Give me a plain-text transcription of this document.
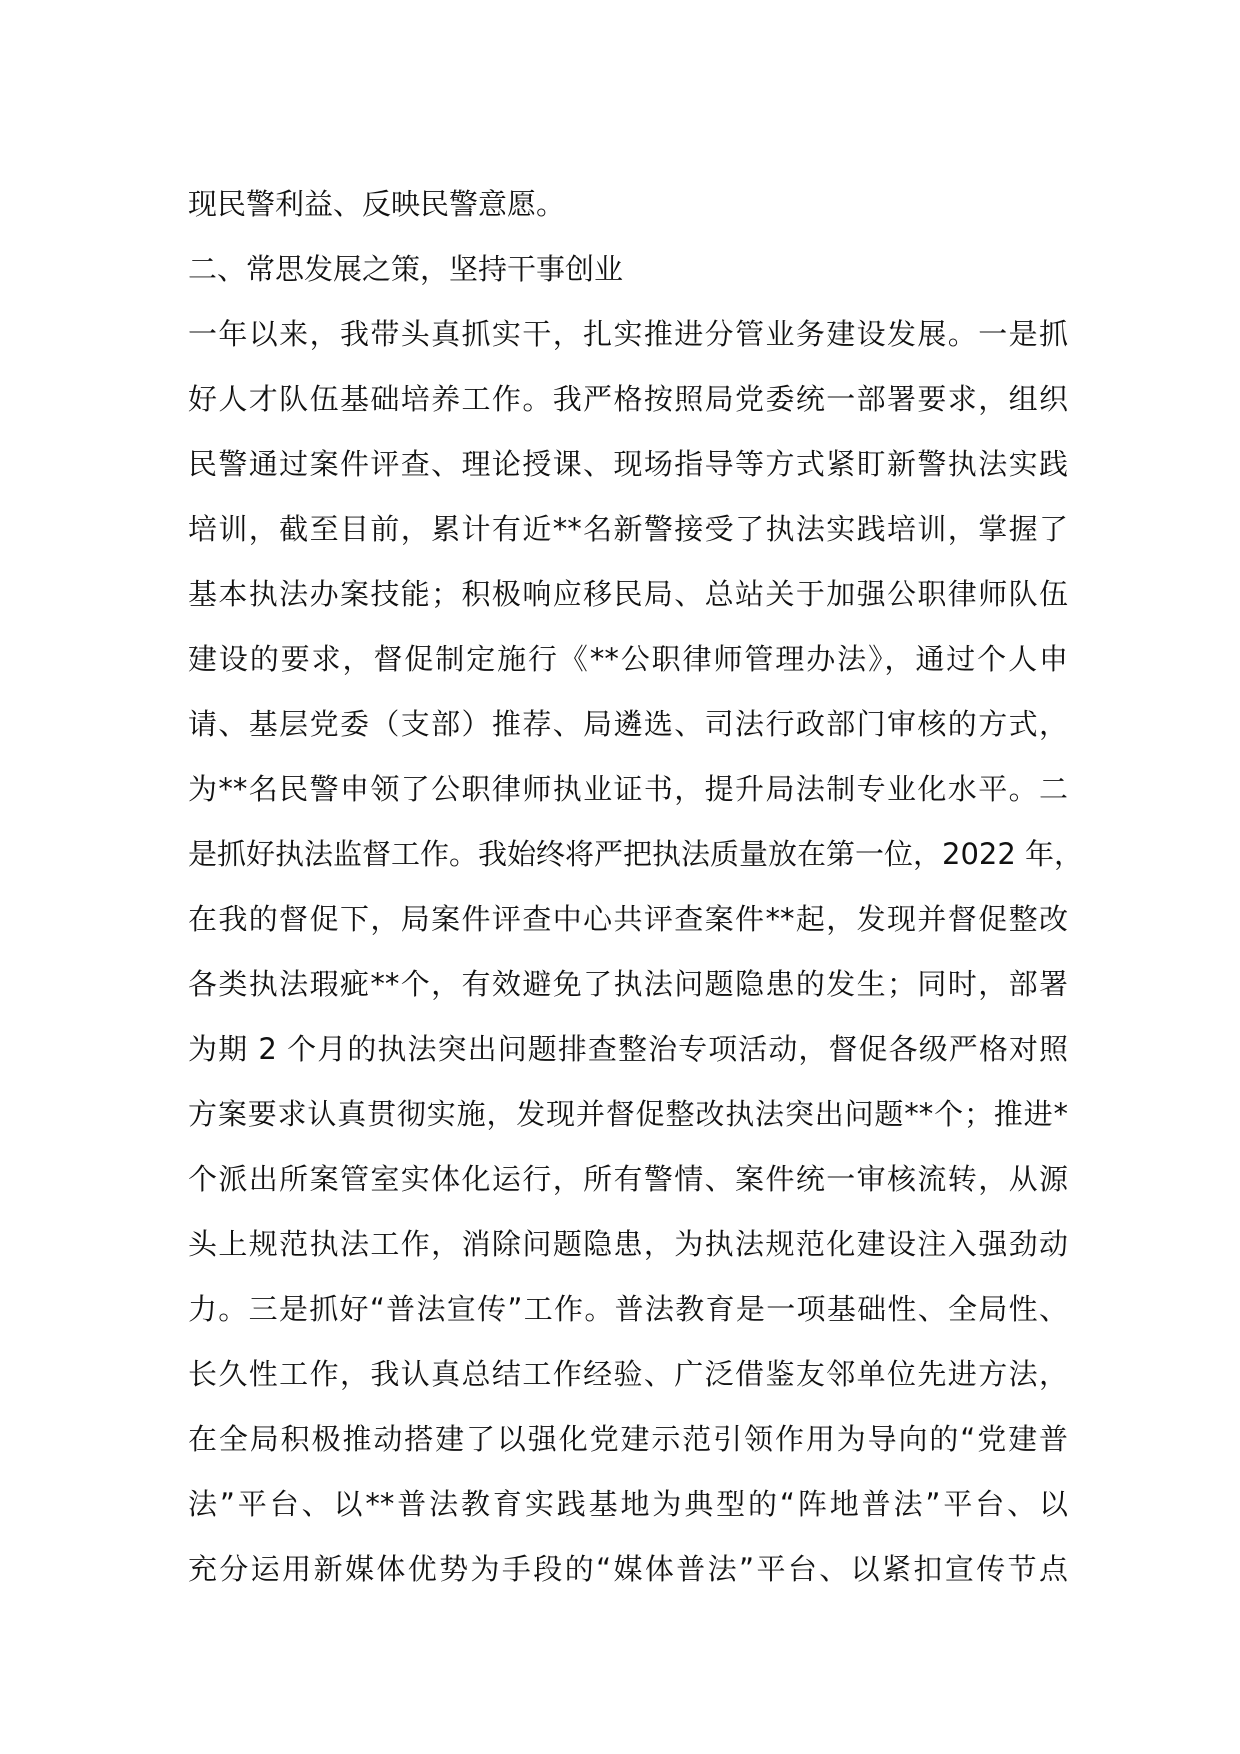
现民警利益、反映民警意愿。
二、常思发展之策，坚持干事创业
一年以来，我带头真抓实干，扎实推进分管业务建设发展。一是抓
好人才队伍基础培养工作。我严格按照局党委统一部署要求，组织
民警通过案件评查、理论授课、现场指导等方式紧盯新警执法实践
培训，截至目前，累计有近**名新警接受了执法实践培训，掌握了
基本执法办案技能；积极响应移民局、总站关于加强公职律师队伍
建设的要求，督促制定施行《**公职律师管理办法》，通过个人申
请、基层党委（支部）推荐、局遴选、司法行政部门审核的方式，
为**名民警申领了公职律师执业证书，提升局法制专业化水平。二
是抓好执法监督工作。我始终将严把执法质量放在第一位，2022 年，
在我的督促下，局案件评查中心共评查案件**起，发现并督促整改
各类执法瑕疵**个，有效避免了执法问题隐患的发生；同时，部署
为期 2 个月的执法突出问题排查整治专项活动，督促各级严格对照
方案要求认真贯彻实施，发现并督促整改执法突出问题**个；推进*
个派出所案管室实体化运行，所有警情、案件统一审核流转，从源
头上规范执法工作，消除问题隐患，为执法规范化建设注入强劲动
力。三是抓好“普法宣传”工作。普法教育是一项基础性、全局性、
长久性工作，我认真总结工作经验、广泛借鉴友邻单位先进方法，
在全局积极推动搭建了以强化党建示范引领作用为导向的“党建普
法”平台、以**普法教育实践基地为典型的“阵地普法”平台、以
充分运用新媒体优势为手段的“媒体普法”平台、以紧扣宣传节点
